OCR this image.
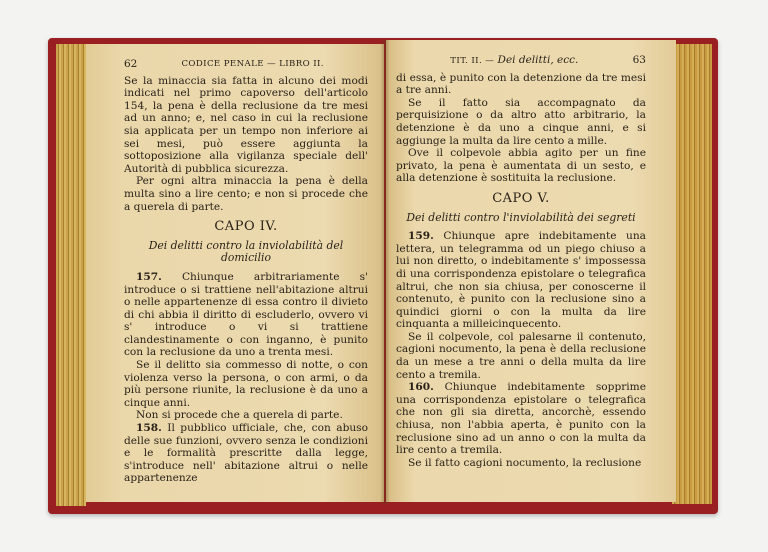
62	CODICE PENALE — LIBRO II.

Se la minaccia sia fatta in alcuno dei modi indicati nel primo capoverso dell'articolo 154, la pena è della reclusione da tre mesi ad un anno; e, nel caso in cui la reclusione sia applicata per un tempo non inferiore ai sei mesi, può essere aggiunta la sottoposizione alla vigilanza speciale dell' Autorità di pubblica sicurezza.

Per ogni altra minaccia la pena è della multa sino a lire cento; e non si procede che a querela di parte.

CAPO IV.
Dei delitti contro la inviolabilità del domicilio

157. Chiunque arbitrariamente s' introduce o si trattiene nell'abitazione altrui o nelle appartenenze di essa contro il divieto di chi abbia il diritto di escluderlo, ovvero vi s' introduce o vi si trattiene clandestinamente o con inganno, è punito con la reclusione da uno a trenta mesi.

Se il delitto sia commesso di notte, o con violenza verso la persona, o con armi, o da più persone riunite, la reclusione è da uno a cinque anni.

Non si procede che a querela di parte.

158. Il pubblico ufficiale, che, con abuso delle sue funzioni, ovvero senza le condizioni e le formalità prescritte dalla legge, s'introduce nell' abitazione altrui o nelle appartenenze

TIT. II. — Dei delitti, ecc.	63

di essa, è punito con la detenzione da tre mesi a tre anni.

Se il fatto sia accompagnato da perquisizione o da altro atto arbitrario, la detenzione è da uno a cinque anni, e si aggiunge la multa da lire cento a mille.

Ove il colpevole abbia agito per un fine privato, la pena è aumentata di un sesto, e alla detenzione è sostituita la reclusione.

CAPO V.
Dei delitti contro l'inviolabilità dei segreti

159. Chiunque apre indebitamente una lettera, un telegramma od un piego chiuso a lui non diretto, o indebitamente s' impossessa di una corrispondenza epistolare o telegrafica altrui, che non sia chiusa, per conoscerne il contenuto, è punito con la reclusione sino a quindici giorni o con la multa da lire cinquanta a milleicinquecento.

Se il colpevole, col palesarne il contenuto, cagioni nocumento, la pena è della reclusione da un mese a tre anni o della multa da lire cento a tremila.

160. Chiunque indebitamente sopprime una corrispondenza epistolare o telegrafica che non gli sia diretta, ancorchè, essendo chiusa, non l'abbia aperta, è punito con la reclusione sino ad un anno o con la multa da lire cento a tremila.

Se il fatto cagioni nocumento, la reclusione
